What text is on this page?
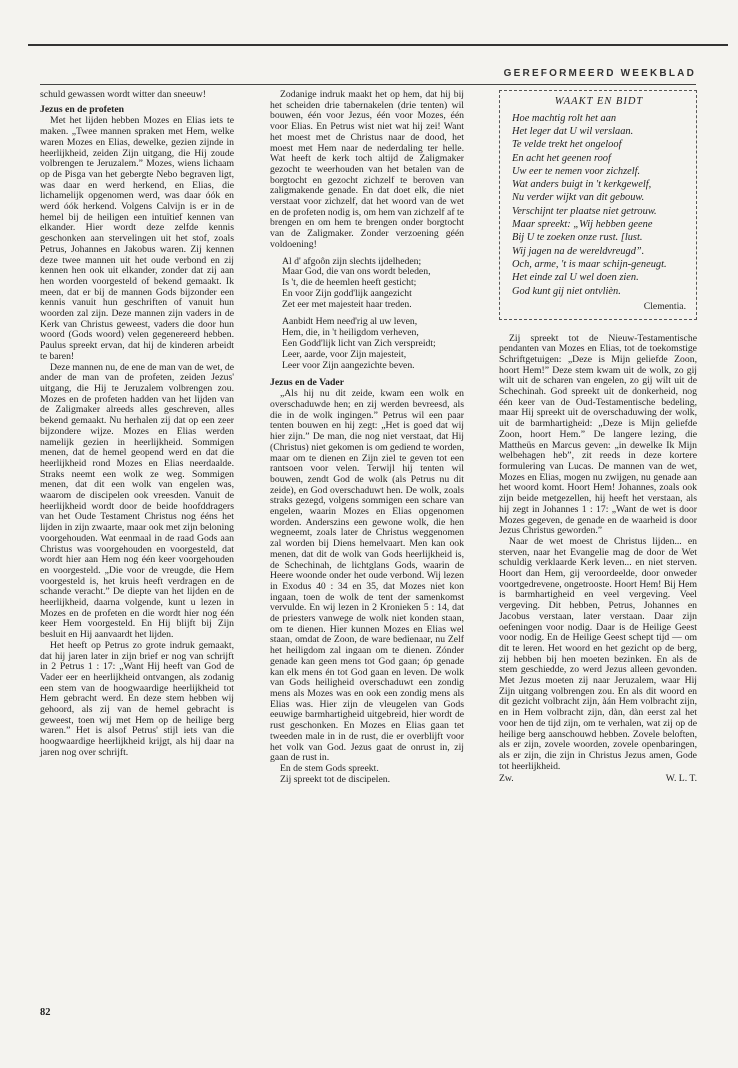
GEREFORMEERD WEEKBLAD

schuld gewassen wordt witter dan sneeuw!

Jezus en de profeten

Met het lijden hebben Mozes en Elias iets te maken. „Twee mannen spraken met Hem, welke waren Mozes en Elias, dewelke, gezien zijnde in heerlijkheid, zeiden Zijn uitgang, die Hij zoude volbrengen te Jeruzalem.” Mozes, wiens lichaam op de Pisga van het gebergte Nebo begraven ligt, was daar en werd herkend, en Elias, die lichamelijk opgenomen werd, was daar óók en werd óók herkend. Volgens Calvijn is er in de hemel bij de heiligen een intuïtief kennen van elkander. Hier wordt deze zelfde kennis geschonken aan stervelingen uit het stof, zoals Petrus, Johannes en Jakobus waren. Zij kennen deze twee mannen uit het oude verbond en zij kennen hen ook uit elkander, zonder dat zij aan hen worden voorgesteld of bekend gemaakt. Ik meen, dat er bij de mannen Gods bijzonder een kennis vanuit hun geschriften of vanuit hun woorden zal zijn. Deze mannen zijn vaders in de Kerk van Christus geweest, vaders die door hun woord (Gods woord) velen gegenereerd hebben. Paulus spreekt ervan, dat hij de kinderen arbeidt te baren!

Deze mannen nu, de ene de man van de wet, de ander de man van de profeten, zeiden Jezus' uitgang, die Hij te Jeruzalem volbrengen zou. Mozes en de profeten hadden van het lijden van de Zaligmaker alreeds alles geschreven, alles bekend gemaakt. Nu herhalen zij dat op een zeer bijzondere wijze. Mozes en Elias werden namelijk gezien in heerlijkheid. Sommigen menen, dat de hemel geopend werd en dat die heerlijkheid rond Mozes en Elias neerdaalde. Straks neemt een wolk ze weg. Sommigen menen, dat dit een wolk van engelen was, waarom de discipelen ook vreesden. Vanuit de heerlijkheid wordt door de beide hoofddragers van het Oude Testament Christus nog ééns het lijden in zijn zwaarte, maar ook met zijn beloning voorgehouden. Wat eenmaal in de raad Gods aan Christus was voorgehouden en voorgesteld, dat wordt hier aan Hem nog één keer voorgehouden en voorgesteld. „Die voor de vreugde, die Hem voorgesteld is, het kruis heeft verdragen en de schande veracht.” De diepte van het lijden en de heerlijkheid, daarna volgende, kunt u lezen in Mozes en de profeten en die wordt hier nog één keer Hem voorgesteld. En Hij blijft bij Zijn besluit en Hij aanvaardt het lijden.

Het heeft op Petrus zo grote indruk gemaakt, dat hij jaren later in zijn brief er nog van schrijft in 2 Petrus 1 : 17: „Want Hij heeft van God de Vader eer en heerlijkheid ontvangen, als zodanig een stem van de hoogwaardige heerlijkheid tot Hem gebracht werd. En deze stem hebben wij gehoord, als zij van de hemel gebracht is geweest, toen wij met Hem op de heilige berg waren.” Het is alsof Petrus' stijl iets van die hoogwaardige heerlijkheid krijgt, als hij daar na jaren nog over schrijft.

Zodanige indruk maakt het op hem, dat hij bij het scheiden drie tabernakelen (drie tenten) wil bouwen, één voor Jezus, één voor Mozes, één voor Elias. En Petrus wist niet wat hij zei! Want het moest met de Christus naar de dood, het moest met Hem naar de nederdaling ter helle. Wat heeft de kerk toch altijd de Zaligmaker gezocht te weerhouden van het betalen van de borgtocht en gezocht zichzelf te beroven van zaligmakende genade. En dat doet elk, die niet verstaat voor zichzelf, dat het woord van de wet en de profeten nodig is, om hem van zichzelf af te brengen en om hem te brengen onder borgtocht van de Zaligmaker. Zonder verzoening géén voldoening!

Al d' afgoôn zijn slechts ijdelheden;
Maar God, die van ons wordt beleden,
Is 't, die de heemlen heeft gesticht;
En voor Zijn godd'lijk aangezicht
Zet eer met majesteit haar treden.
Aanbidt Hem need'rig al uw leven,
Hem, die, in 't heiligdom verheven,
Een Godd'lijk licht van Zich verspreidt;
Leer, aarde, voor Zijn majesteit,
Leer voor Zijn aangezichte beven.
Jezus en de Vader

„Als hij nu dit zeide, kwam een wolk en overschaduwde hen; en zij werden bevreesd, als die in de wolk ingingen.” Petrus wil een paar tenten bouwen en hij zegt: „Het is goed dat wij hier zijn.” De man, die nog niet verstaat, dat Hij (Christus) niet gekomen is om gediend te worden, maar om te dienen en Zijn ziel te geven tot een rantsoen voor velen. Terwijl hij tenten wil bouwen, zendt God de wolk (als Petrus nu dit zeide), en God overschaduwt hen. De wolk, zoals straks gezegd, volgens sommigen een schare van engelen, waarin Mozes en Elias opgenomen worden. Anderszins een gewone wolk, die hen wegneemt, zoals later de Christus weggenomen zal worden bij Diens hemelvaart. Men kan ook menen, dat dit de wolk van Gods heerlijkheid is, de Schechinah, de lichtglans Gods, waarin de Heere woonde onder het oude verbond. Wij lezen in Exodus 40 : 34 en 35, dat Mozes niet kon ingaan, toen de wolk de tent der samenkomst vervulde. En wij lezen in 2 Kronieken 5 : 14, dat de priesters vanwege de wolk niet konden staan, om te dienen. Hier kunnen Mozes en Elias wel staan, omdat de Zoon, de ware bedienaar, nu Zelf het heiligdom zal ingaan om te dienen. Zónder genade kan geen mens tot God gaan; óp genade kan elk mens én tot God gaan en leven. De wolk van Gods heiligheid overschaduwt een zondig mens als Mozes was en ook een zondig mens als Elias was. Hier zijn de vleugelen van Gods eeuwige barmhartigheid uitgebreid, hier wordt de rust geschonken. En Mozes en Elias gaan tet tweeden male in in de rust, die er overblijft voor het volk van God. Jezus gaat de onrust in, zij gaan de rust in.

En de stem Gods spreekt.

Zij spreekt tot de discipelen.

WAAKT EN BIDT
Hoe machtig rolt het aan
Het leger dat U wil verslaan.
Te velde trekt het ongeloof
En acht het geenen roof
Uw eer te nemen voor zichzelf.
Wat anders buigt in 't kerkgewelf,
Nu verder wijkt van dit gebouw.
Verschijnt ter plaatse niet getrouw.
Maar spreekt: „Wij hebben geene
Bij U te zoeken onze rust. [lust.
Wij jagen na de wereldvreugd”.
Och, arme, 't is maar schijn-geneugt.
Het einde zal U wel doen zien.
God kunt gij niet ontvlièn.
Clementia.

Zij spreekt tot de Nieuw-Testamentische pendanten van Mozes en Elias, tot de toekomstige Schriftgetuigen: „Deze is Mijn geliefde Zoon, hoort Hem!” Deze stem kwam uit de wolk, zo gij wilt uit de scharen van engelen, zo gij wilt uit de Schechinah. God spreekt uit de donkerheid, nog één keer van de Oud-Testamentische bedeling, maar Hij spreekt uit de overschaduwing der wolk, uit de barmhartigheid: „Deze is Mijn geliefde Zoon, hoort Hem.” De langere lezing, die Mattheüs en Marcus geven: „in dewelke Ik Mijn welbehagen heb”, zit reeds in deze kortere formulering van Lucas. De mannen van de wet, Mozes en Elias, mogen nu zwijgen, nu genade aan het woord komt. Hoort Hem! Johannes, zoals ook zijn beide metgezellen, hij heeft het verstaan, als hij zegt in Johannes 1 : 17: „Want de wet is door Mozes gegeven, de genade en de waarheid is door Jezus Christus geworden.”

Naar de wet moest de Christus lijden... en sterven, naar het Evangelie mag de door de Wet schuldig verklaarde Kerk leven... en niet sterven. Hoort dan Hem, gij veroordeelde, door onweder voortgedrevene, ongetrooste. Hoort Hem! Bij Hem is barmhartigheid en veel vergeving. Veel vergeving. Dit hebben, Petrus, Johannes en Jacobus verstaan, later verstaan. Daar zijn oefeningen voor nodig. Daar is de Heilige Geest voor nodig. En de Heilige Geest schept tijd — om dit te leren. Het woord en het gezicht op de berg, zij hebben bij hen moeten bezinken. En als de stem geschiedde, zo werd Jezus alleen gevonden. Met Jezus moeten zij naar Jeruzalem, waar Hij Zijn uitgang volbrengen zou. En als dit woord en dit gezicht volbracht zijn, àán Hem volbracht zijn, en in Hem volbracht zijn, dàn, dàn eerst zal het voor hen de tijd zijn, om te verhalen, wat zij op de heilige berg aanschouwd hebben. Zovele beloften, als er zijn, zovele woorden, zovele openbaringen, als er zijn, die zijn in Christus Jezus amen, Gode tot heerlijkheid.

Zw.	W. L. T.
82
